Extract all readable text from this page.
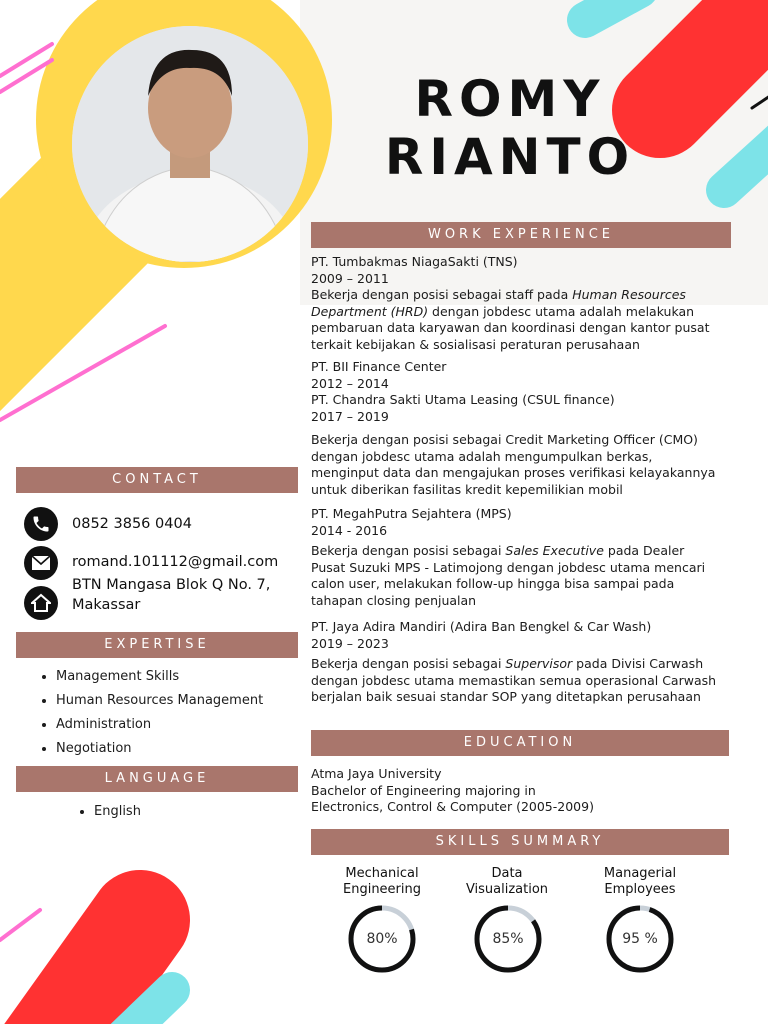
ROMY
RIANTO
CONTACT
0852 3856 0404
romand.101112@gmail.com
BTN Mangasa Blok Q No. 7,
Makassar
EXPERTISE
• Management Skills
• Human Resources Management
• Administration
• Negotiation
LANGUAGE
• English
WORK EXPERIENCE
PT. Tumbakmas NiagaSakti (TNS)
2009 – 2011
Bekerja dengan posisi sebagai staff pada Human Resources Department (HRD) dengan jobdesc utama adalah melakukan pembaruan data karyawan dan koordinasi dengan kantor pusat terkait kebijakan & sosialisasi peraturan perusahaan
PT. BII Finance Center
2012 – 2014
PT. Chandra Sakti Utama Leasing (CSUL finance)
2017 – 2019
Bekerja dengan posisi sebagai Credit Marketing Officer (CMO) dengan jobdesc utama adalah mengumpulkan berkas, menginput data dan mengajukan proses verifikasi kelayakannya untuk diberikan fasilitas kredit kepemilikian mobil
PT. MegahPutra Sejahtera (MPS)
2014 - 2016
Bekerja dengan posisi sebagai Sales Executive pada Dealer Pusat Suzuki MPS - Latimojong dengan jobdesc utama mencari calon user, melakukan follow-up hingga bisa sampai pada tahapan closing penjualan
PT. Jaya Adira Mandiri (Adira Ban Bengkel & Car Wash)
2019 – 2023
Bekerja dengan posisi sebagai Supervisor pada Divisi Carwash dengan jobdesc utama memastikan semua operasional Carwash berjalan baik sesuai standar SOP yang ditetapkan perusahaan
EDUCATION
Atma Jaya University
Bachelor of Engineering majoring in
Electronics, Control & Computer (2005-2009)
SKILLS SUMMARY
Mechanical
Engineering
Data
Visualization
Managerial
Employees
80%	85%	95 %
